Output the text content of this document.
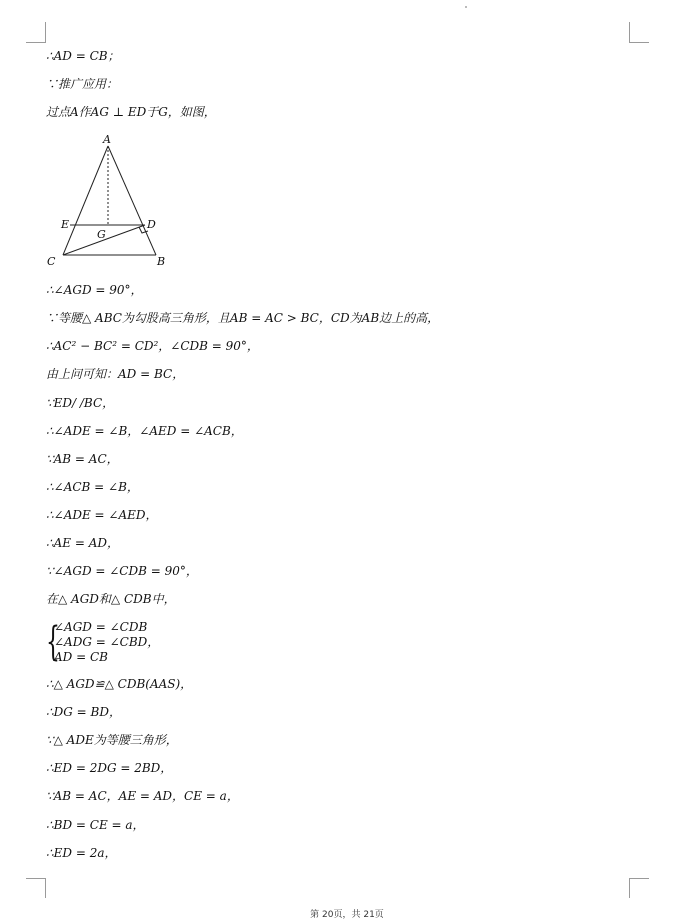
∴AD = CB；
∵推广应用：
过点A作AG ⊥ ED于G，如图，
A
E	D
G
C	B
∴∠AGD = 90°，
∵等腰△ ABC为勾股高三角形，且AB = AC > BC，CD为AB边上的高，
∴AC² − BC² = CD²，∠CDB = 90°，
由上问可知：AD = BC，
∵ED/ /BC，
∴∠ADE = ∠B，∠AED = ∠ACB，
∵AB = AC，
∴∠ACB = ∠B，
∴∠ADE = ∠AED，
∴AE = AD，
∵∠AGD = ∠CDB = 90°，
在△ AGD和△ CDB中，
{
∠AGD = ∠CDB
∠ADG = ∠CBD，
AD = CB
∴△ AGD≌△ CDB(AAS)，
∴DG = BD，
∵△ ADE为等腰三角形，
∴ED = 2DG = 2BD，
∵AB = AC，AE = AD，CE = a，
∴BD = CE = a，
∴ED = 2a，
第 20页，共 21页
